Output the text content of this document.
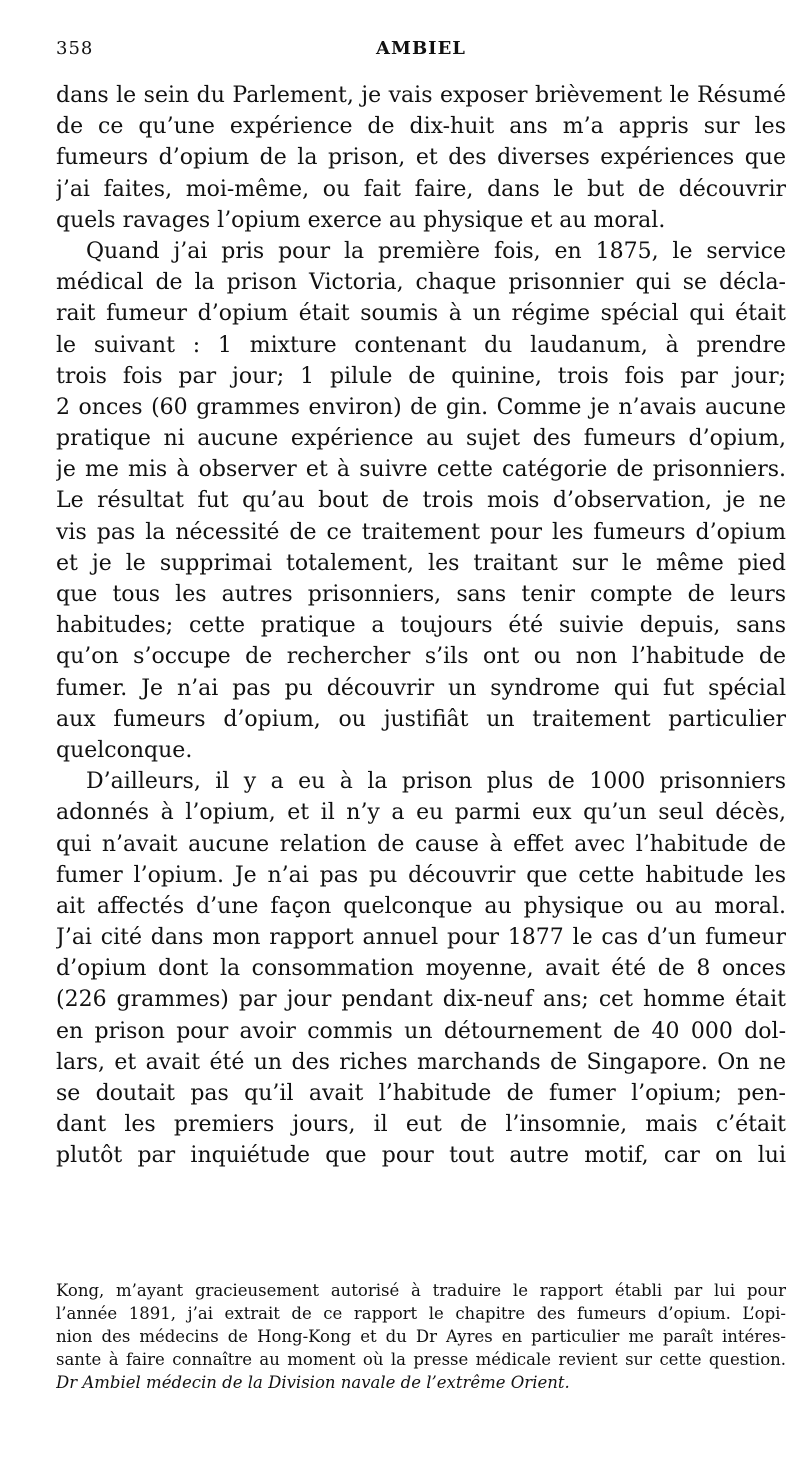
358	AMBIEL
dans le sein du Parlement, je vais exposer brièvement le Résumé
de ce qu’une expérience de dix-huit ans m’a appris sur les
fumeurs d’opium de la prison, et des diverses expériences que
j’ai faites, moi-même, ou fait faire, dans le but de découvrir
quels ravages l’opium exerce au physique et au moral.
Quand j’ai pris pour la première fois, en 1875, le service
médical de la prison Victoria, chaque prisonnier qui se décla-
rait fumeur d’opium était soumis à un régime spécial qui était
le suivant : 1 mixture contenant du laudanum, à prendre
trois fois par jour; 1 pilule de quinine, trois fois par jour;
2 onces (60 grammes environ) de gin. Comme je n’avais aucune
pratique ni aucune expérience au sujet des fumeurs d’opium,
je me mis à observer et à suivre cette catégorie de prisonniers.
Le résultat fut qu’au bout de trois mois d’observation, je ne
vis pas la nécessité de ce traitement pour les fumeurs d’opium
et je le supprimai totalement, les traitant sur le même pied
que tous les autres prisonniers, sans tenir compte de leurs
habitudes; cette pratique a toujours été suivie depuis, sans
qu’on s’occupe de rechercher s’ils ont ou non l’habitude de
fumer. Je n’ai pas pu découvrir un syndrome qui fut spécial
aux fumeurs d’opium, ou justifiât un traitement particulier
quelconque.
D’ailleurs, il y a eu à la prison plus de 1000 prisonniers
adonnés à l’opium, et il n’y a eu parmi eux qu’un seul décès,
qui n’avait aucune relation de cause à effet avec l’habitude de
fumer l’opium. Je n’ai pas pu découvrir que cette habitude les
ait affectés d’une façon quelconque au physique ou au moral.
J’ai cité dans mon rapport annuel pour 1877 le cas d’un fumeur
d’opium dont la consommation moyenne, avait été de 8 onces
(226 grammes) par jour pendant dix-neuf ans; cet homme était
en prison pour avoir commis un détournement de 40 000 dol-
lars, et avait été un des riches marchands de Singapore. On ne
se doutait pas qu’il avait l’habitude de fumer l’opium; pen-
dant les premiers jours, il eut de l’insomnie, mais c’était
plutôt par inquiétude que pour tout autre motif, car on lui
Kong, m’ayant gracieusement autorisé à traduire le rapport établi par lui pour
l’année 1891, j’ai extrait de ce rapport le chapitre des fumeurs d’opium. L’opi-
nion des médecins de Hong-Kong et du Dr Ayres en particulier me paraît intéres-
sante à faire connaître au moment où la presse médicale revient sur cette question.
Dr Ambiel médecin de la Division navale de l’extrême Orient.
